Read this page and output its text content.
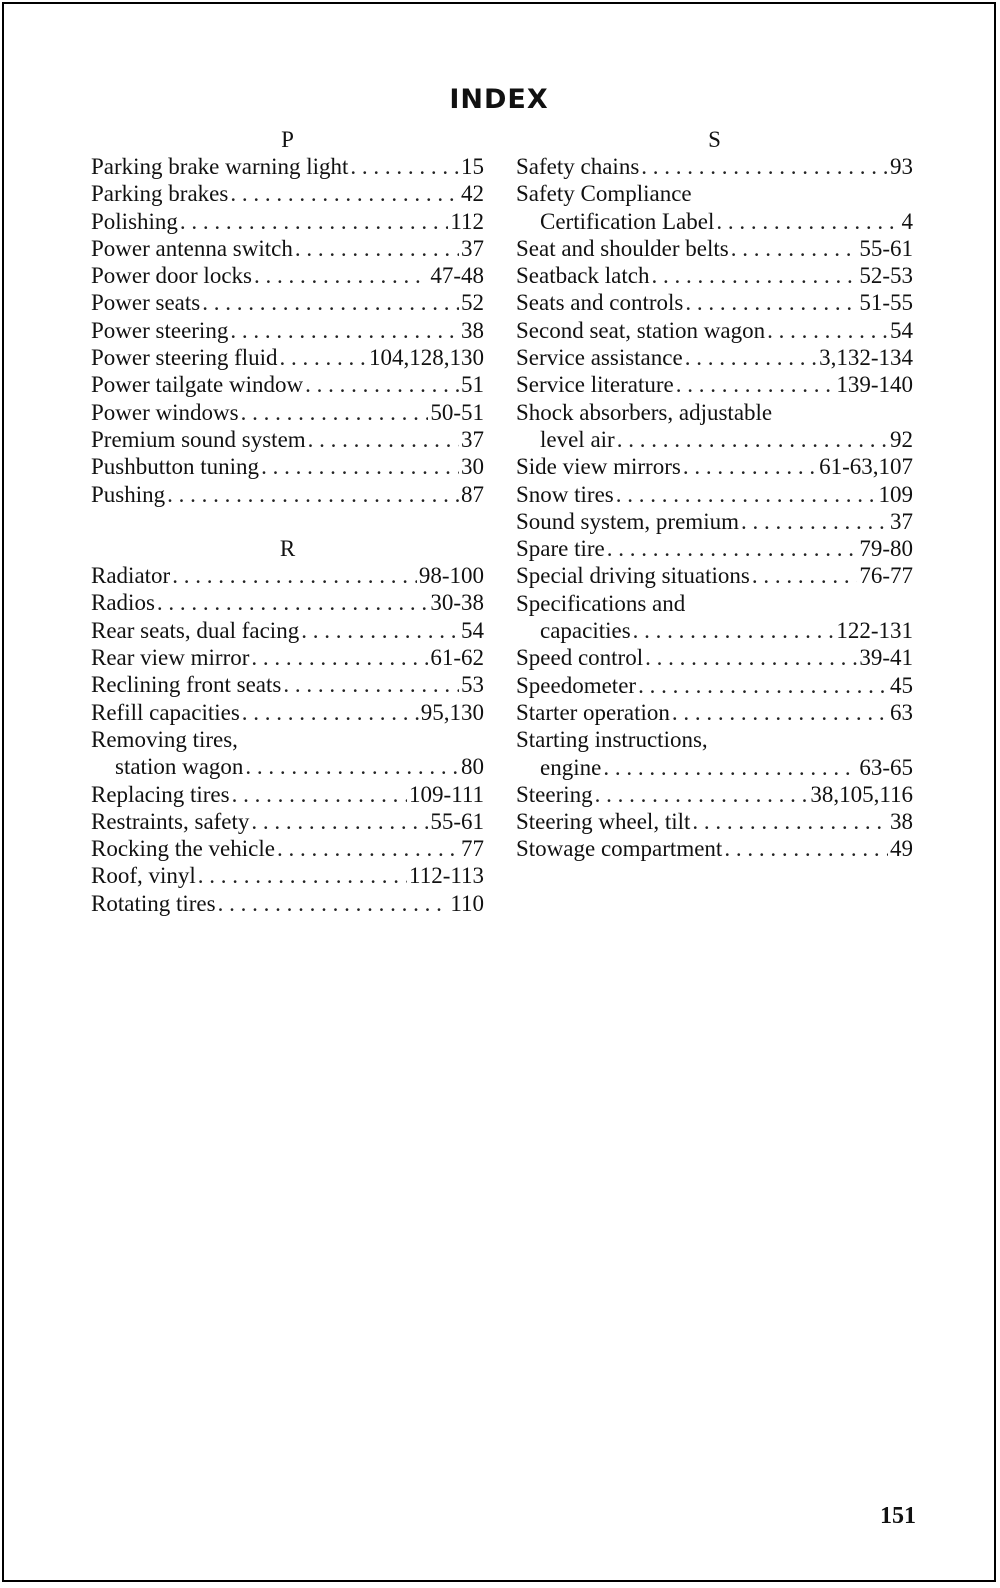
INDEX
P
Parking brake warning light . . .	15
Parking brakes . . .	42
Polishing . . .	112
Power antenna switch . . .	37
Power door locks . . .	47-48
Power seats . . .	52
Power steering . . .	38
Power steering fluid . . .	104,128,130
Power tailgate window . . .	51
Power windows . . .	50-51
Premium sound system . . .	37
Pushbutton tuning . . .	30
Pushing . . .	87
R
Radiator . . .	98-100
Radios . . .	30-38
Rear seats, dual facing . . .	54
Rear view mirror . . .	61-62
Reclining front seats . . .	53
Refill capacities . . .	95,130
Removing tires,
station wagon . . .	80
Replacing tires . . .	109-111
Restraints, safety . . .	55-61
Rocking the vehicle . . .	77
Roof, vinyl . . .	112-113
Rotating tires . . .	110
S
Safety chains . . .	93
Safety Compliance
Certification Label . . .	4
Seat and shoulder belts . . .	55-61
Seatback latch . . .	52-53
Seats and controls . . .	51-55
Second seat, station wagon . . .	54
Service assistance . . .	3,132-134
Service literature . . .	139-140
Shock absorbers, adjustable
level air . . .	92
Side view mirrors . . .	61-63,107
Snow tires . . .	109
Sound system, premium . . .	37
Spare tire . . .	79-80
Special driving situations . . .	76-77
Specifications and
capacities . . .	122-131
Speed control . . .	39-41
Speedometer . . .	45
Starter operation . . .	63
Starting instructions,
engine . . .	63-65
Steering . . .	38,105,116
Steering wheel, tilt . . .	38
Stowage compartment . . .	49
151
